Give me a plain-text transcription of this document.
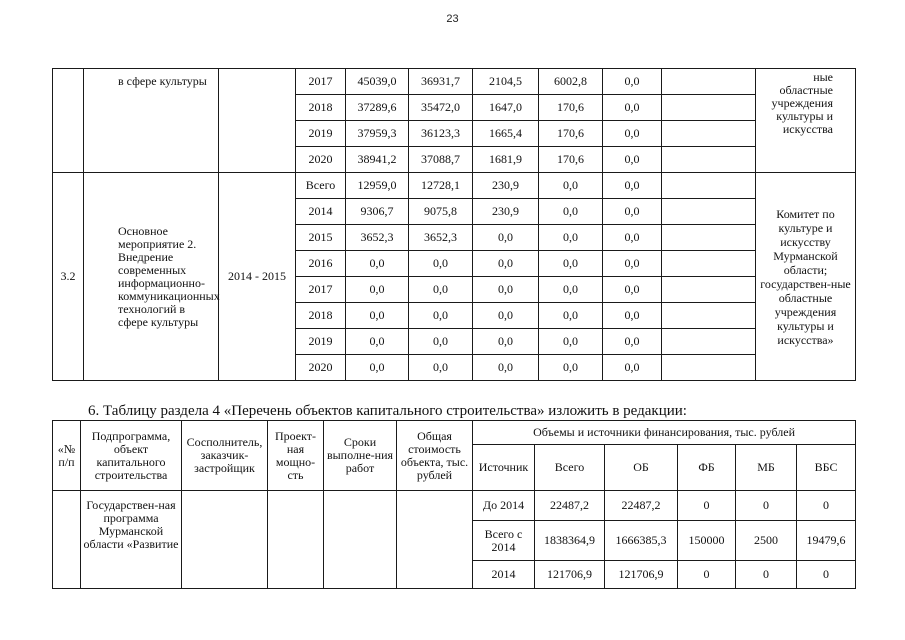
23
	в сфере культуры		2017	45039,0	36931,7	2104,5	6002,8	0,0		ные областные учреждения культуры и искусства
			2018	37289,6	35472,0	1647,0	170,6	0,0		
			2019	37959,3	36123,3	1665,4	170,6	0,0		
			2020	38941,2	37088,7	1681,9	170,6	0,0		
3.2	Основное мероприятие 2. Внедрение современных информационно-коммуникационных технологий в сфере культуры	2014 - 2015	Всего	12959,0	12728,1	230,9	0,0	0,0		Комитет по культуре и искусству Мурманской области; государствен-ные областные учреждения культуры и искусства»
			2014	9306,7	9075,8	230,9	0,0	0,0		
			2015	3652,3	3652,3	0,0	0,0	0,0		
			2016	0,0	0,0	0,0	0,0	0,0		
			2017	0,0	0,0	0,0	0,0	0,0		
			2018	0,0	0,0	0,0	0,0	0,0		
			2019	0,0	0,0	0,0	0,0	0,0		
			2020	0,0	0,0	0,0	0,0	0,0		
6. Таблицу раздела 4 «Перечень объектов капитального строительства» изложить в редакции:
«№ п/п	Подпрограмма, объект капитального строительства	Сосполнитель, заказчик-застройщик	Проект-ная мощно-сть	Сроки выполне-ния работ	Общая стоимость объекта, тыс. рублей	Объемы и источники финансирования, тыс. рублей					
						Источник	Всего	ОБ	ФБ	МБ	ВБС
	Государствен-ная программа Мурманской области «Развитие					До 2014	22487,2	22487,2	0	0	0
						Всего с 2014	1838364,9	1666385,3	150000	2500	19479,6
						2014	121706,9	121706,9	0	0	0
